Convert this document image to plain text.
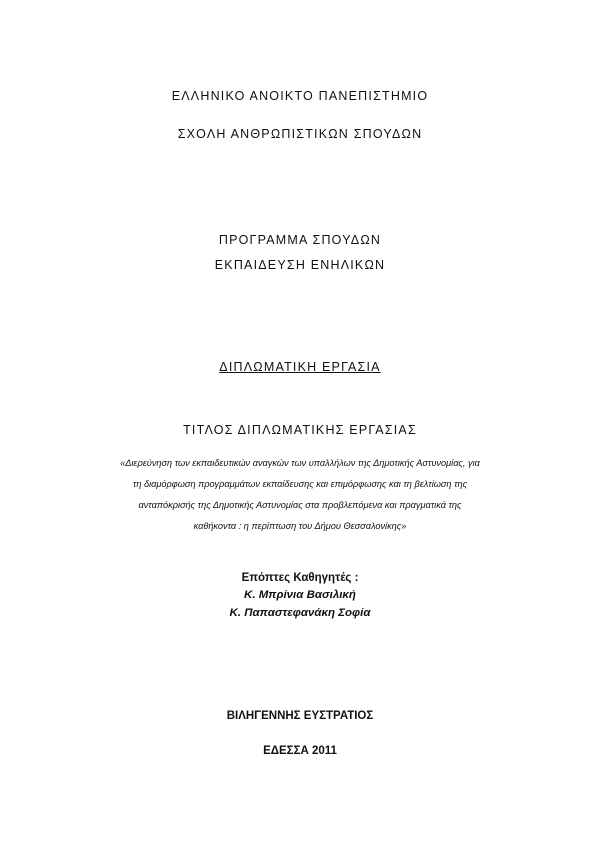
ΕΛΛΗΝΙΚΟ ΑΝΟΙΚΤΟ ΠΑΝΕΠΙΣΤΗΜΙΟ
ΣΧΟΛΗ ΑΝΘΡΩΠΙΣΤΙΚΩΝ ΣΠΟΥΔΩΝ
ΠΡΟΓΡΑΜΜΑ ΣΠΟΥΔΩΝ
ΕΚΠΑΙΔΕΥΣΗ ΕΝΗΛΙΚΩΝ
ΔΙΠΛΩΜΑΤΙΚΗ ΕΡΓΑΣΙΑ
ΤΙΤΛΟΣ ΔΙΠΛΩΜΑΤΙΚΗΣ ΕΡΓΑΣΙΑΣ
«Διερεύνηση των εκπαιδευτικών αναγκών των υπαλλήλων της Δημοτικής Αστυνομίας, για
τη διαμόρφωση προγραμμάτων εκπαίδευσης και επιμόρφωσης και τη βελτίωση της
ανταπόκρισής της Δημοτικής Αστυνομίας στα προβλεπόμενα και πραγματικά της
καθήκοντα : η περίπτωση του Δήμου Θεσσαλονίκης»
Επόπτες Καθηγητές :
Κ. Μπρίνια Βασιλική
Κ. Παπαστεφανάκη Σοφία
ΒΙΛΗΓΕΝΝΗΣ ΕΥΣΤΡΑΤΙΟΣ
ΕΔΕΣΣΑ 2011
